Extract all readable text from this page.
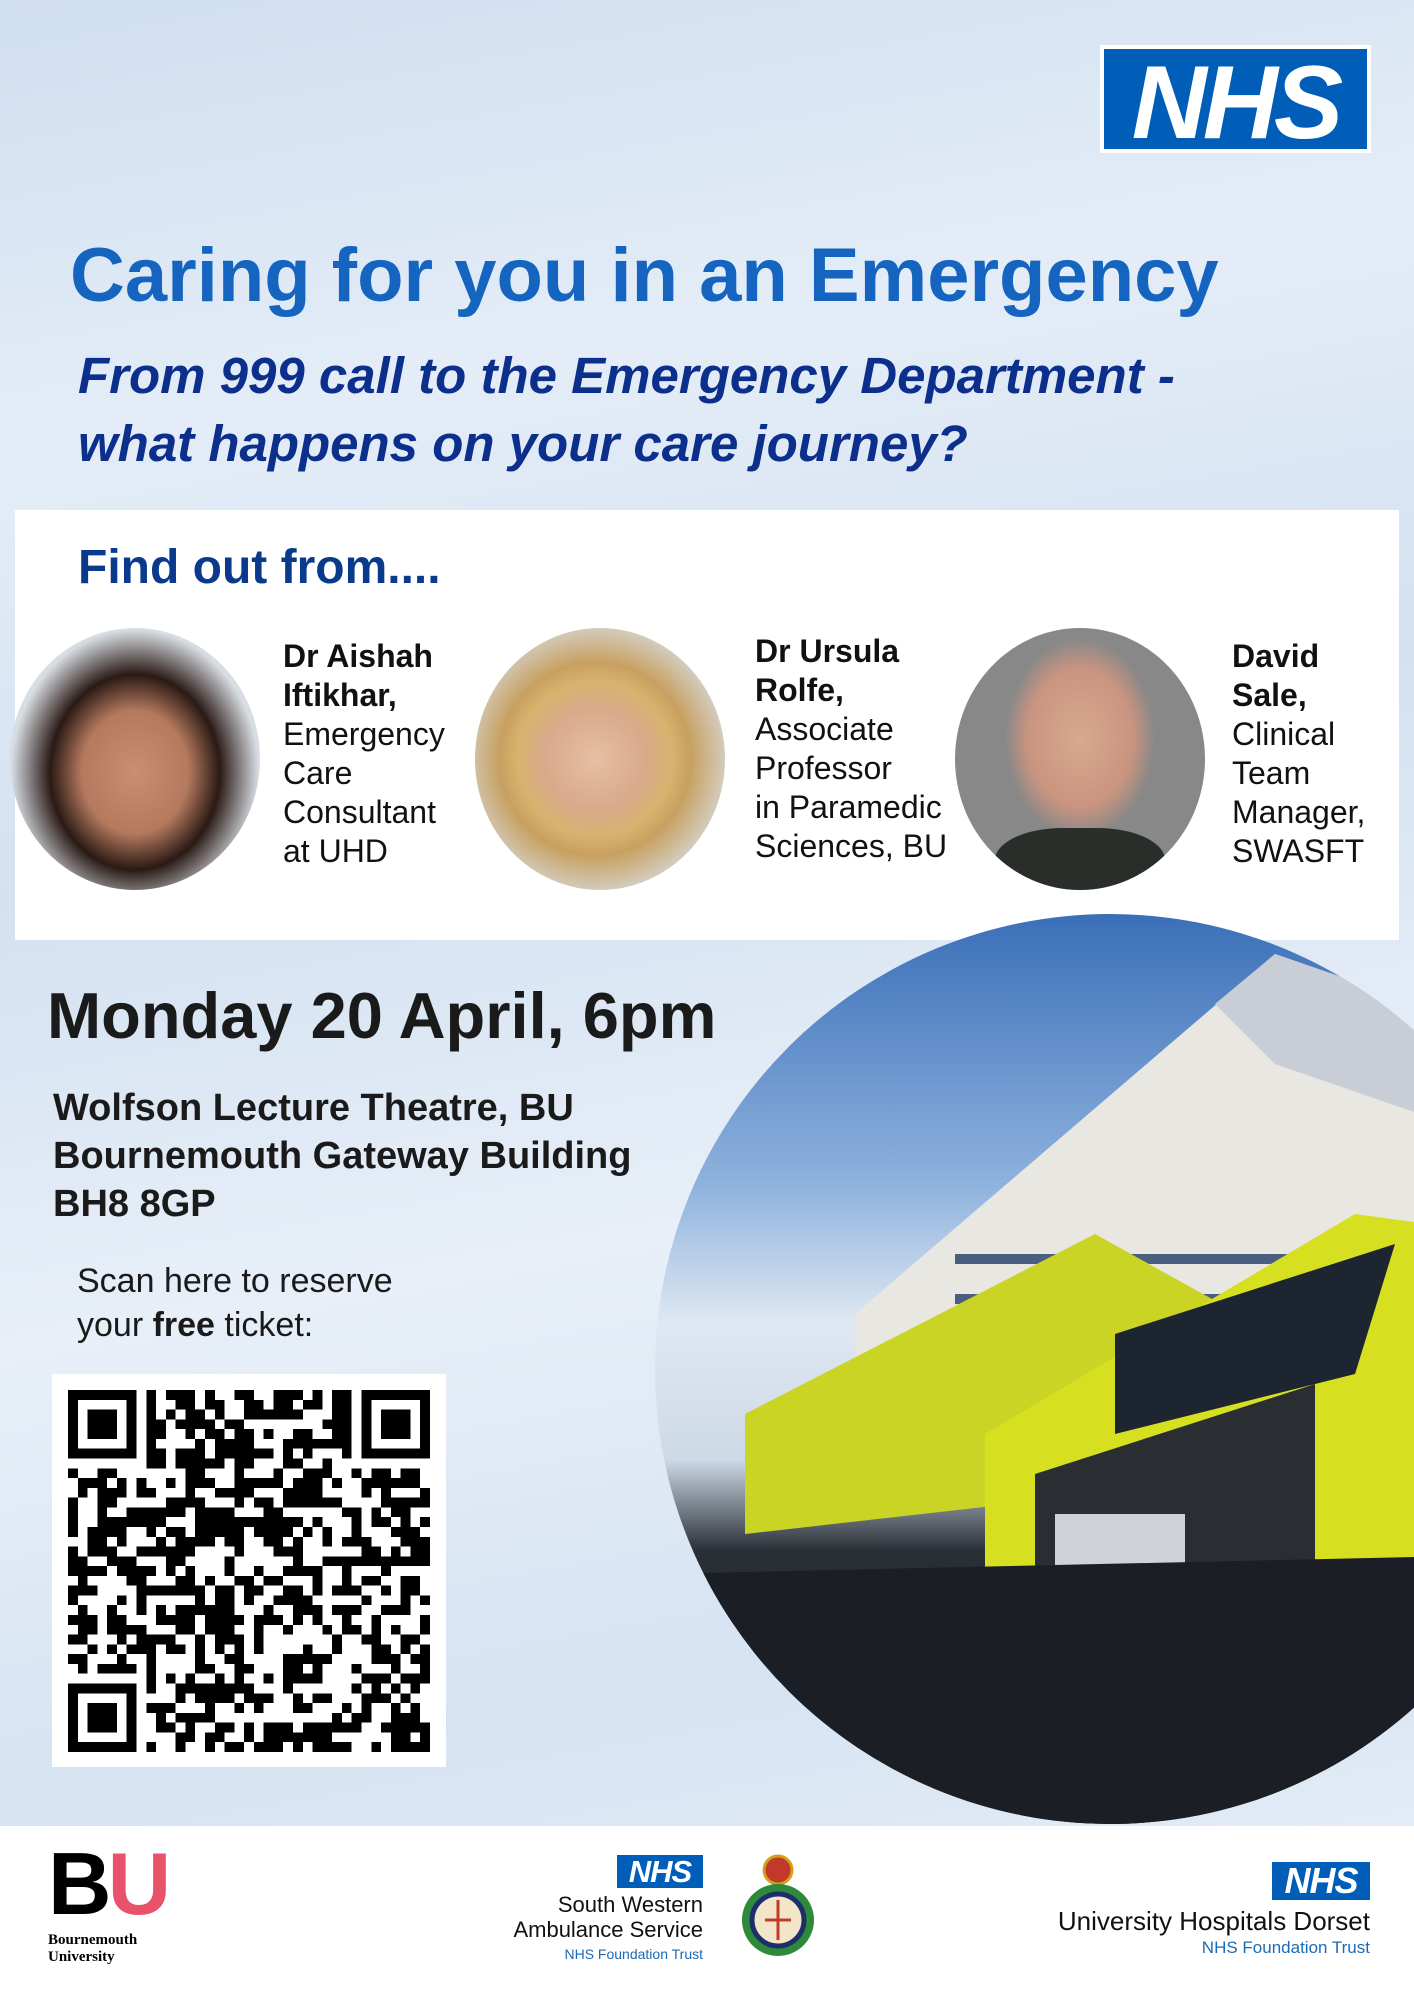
NHS
Caring for you in an Emergency
From 999 call to the Emergency Department -
what happens on your care journey?
Find out from....
Dr Aishah
Iftikhar,
Emergency
Care
Consultant
at UHD
Dr Ursula
Rolfe,
Associate
Professor
in Paramedic
Sciences, BU
David
Sale,
Clinical
Team
Manager,
SWASFT
Monday 20 April, 6pm
Wolfson Lecture Theatre, BU
Bournemouth Gateway Building
BH8 8GP
Scan here to reserve
your free ticket:
BU
Bournemouth
University
NHS
South Western
Ambulance Service
NHS Foundation Trust
NHS
University Hospitals Dorset
NHS Foundation Trust
